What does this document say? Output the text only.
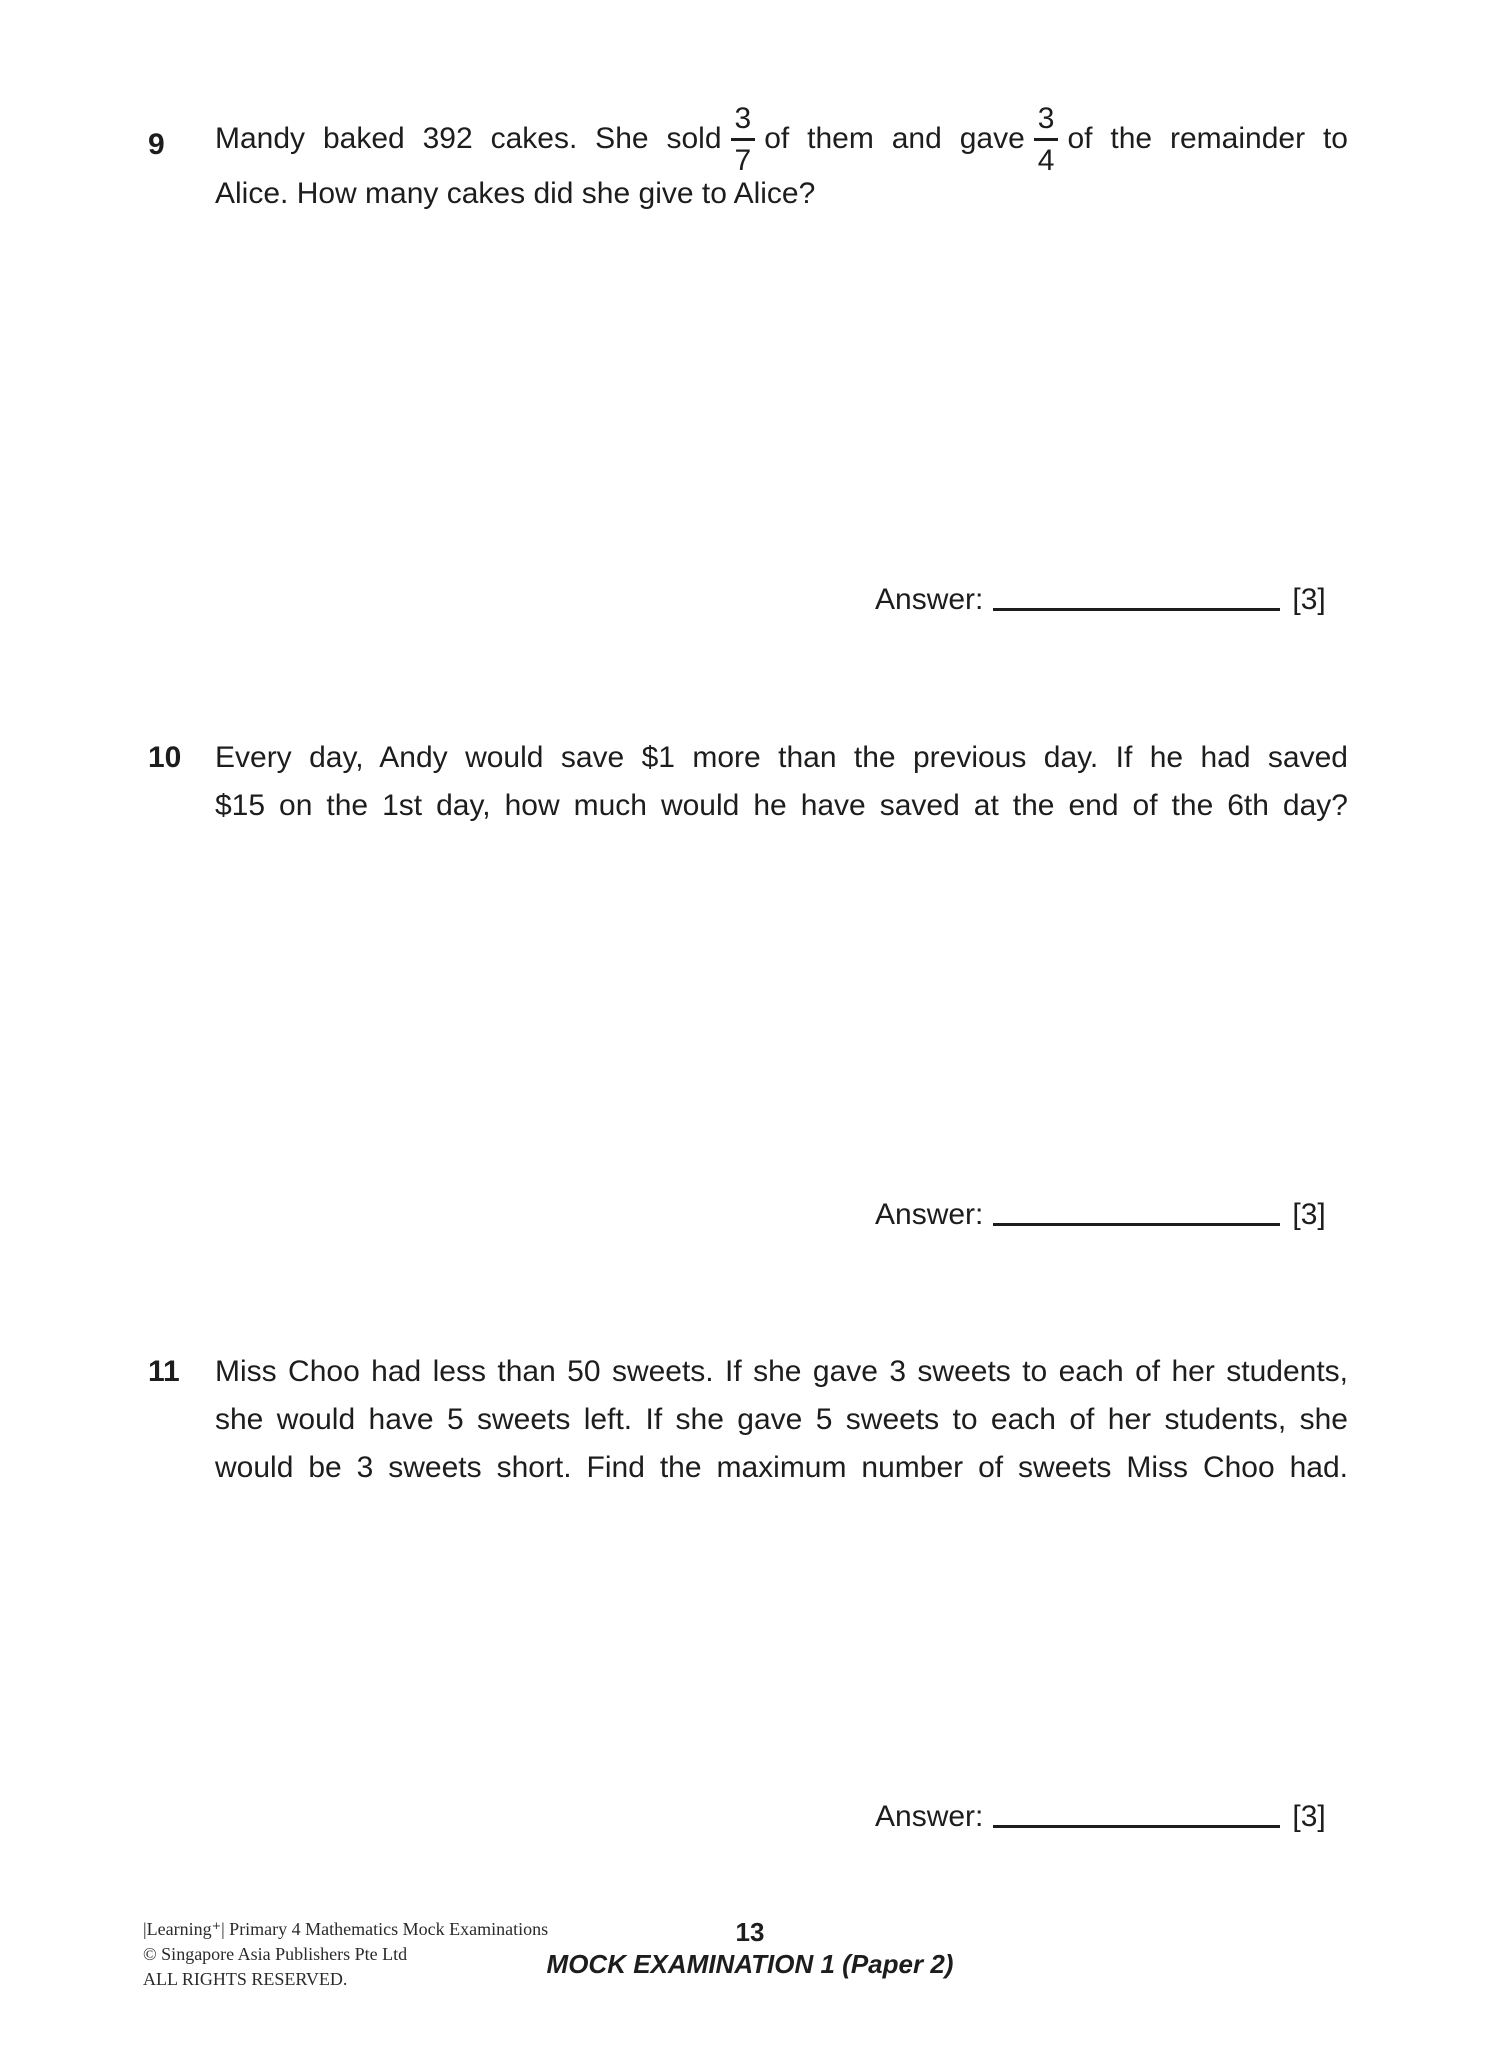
9 Mandy baked 392 cakes. She sold $\frac{3}{7}$ of them and gave $\frac{3}{4}$ of the remainder to

Alice. How many cakes did she give to Alice?

Answer:	[3]
10 Every day, Andy would save $1 more than the previous day. If he had saved

$15 on the 1st day, how much would he have saved at the end of the 6th day?

Answer:	[3]
11 Miss Choo had less than 50 sweets. If she gave 3 sweets to each of her students,

she would have 5 sweets left. If she gave 5 sweets to each of her students, she

would be 3 sweets short. Find the maximum number of sweets Miss Choo had.

Answer:	[3]

|Learning⁺| Primary 4 Mathematics Mock Examinations

© Singapore Asia Publishers Pte Ltd

ALL RIGHTS RESERVED.

13

MOCK EXAMINATION 1 (Paper 2)
